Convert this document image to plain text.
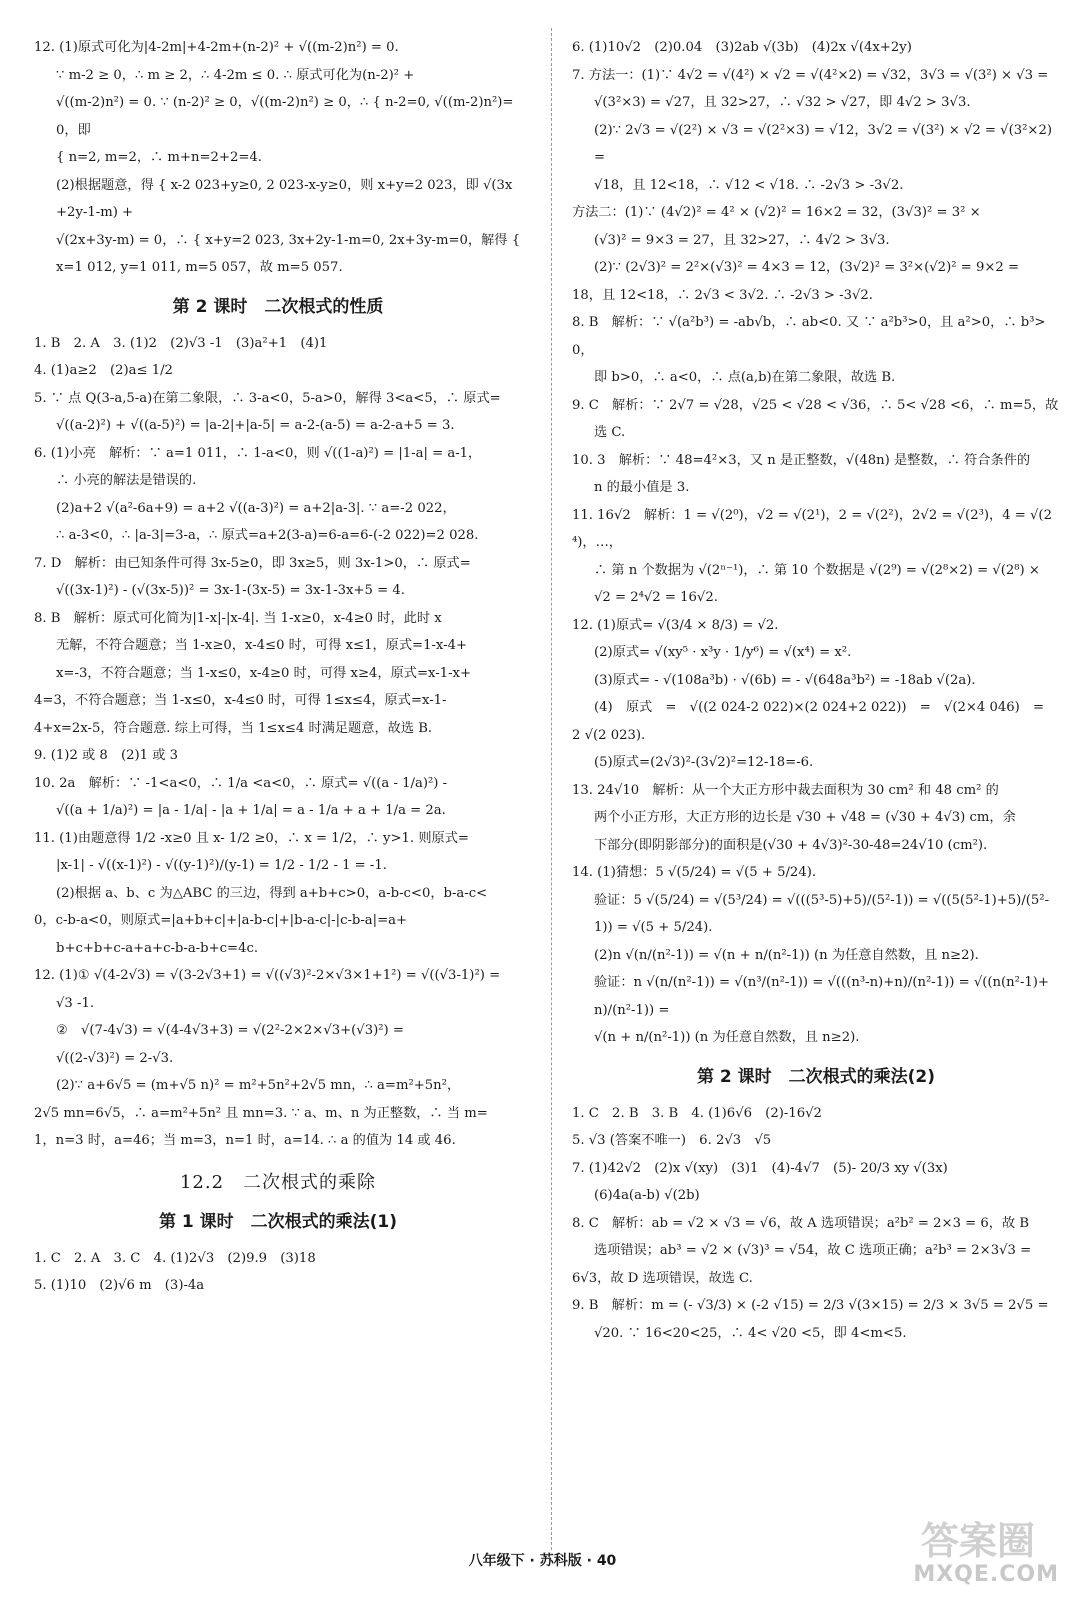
12. (1)原式可化为|4-2m|+4-2m+(n-2)² + √((m-2)n²) = 0.
∵ m-2 ≥ 0，∴ m ≥ 2，∴ 4-2m ≤ 0. ∴ 原式可化为(n-2)² +
√((m-2)n²) = 0. ∵ (n-2)² ≥ 0，√((m-2)n²) ≥ 0，∴ { n-2=0, √((m-2)n²)=0，即
{ n=2, m=2，∴ m+n=2+2=4.
(2)根据题意，得 { x-2 023+y≥0, 2 023-x-y≥0，则 x+y=2 023，即 √(3x+2y-1-m) +
√(2x+3y-m) = 0，∴ { x+y=2 023, 3x+2y-1-m=0, 2x+3y-m=0，解得 { x=1 012, y=1 011, m=5 057，故 m=5 057.
第 2 课时　二次根式的性质
1. B　2. A　3. (1)2　(2)√3 -1　(3)a²+1　(4)1
4. (1)a≥2　(2)a≤ 1/2
5. ∵ 点 Q(3-a,5-a)在第二象限，∴ 3-a<0，5-a>0，解得 3<a<5，∴ 原式=
√((a-2)²) + √((a-5)²) = |a-2|+|a-5| = a-2-(a-5) = a-2-a+5 = 3.
6. (1)小亮　解析：∵ a=1 011，∴ 1-a<0，则 √((1-a)²) = |1-a| = a-1，
∴ 小亮的解法是错误的.
(2)a+2 √(a²-6a+9) = a+2 √((a-3)²) = a+2|a-3|. ∵ a=-2 022，
∴ a-3<0，∴ |a-3|=3-a，∴ 原式=a+2(3-a)=6-a=6-(-2 022)=2 028.
7. D　解析：由已知条件可得 3x-5≥0，即 3x≥5，则 3x-1>0，∴ 原式=
√((3x-1)²) - (√(3x-5))² = 3x-1-(3x-5) = 3x-1-3x+5 = 4.
8. B　解析：原式可化简为|1-x|-|x-4|. 当 1-x≥0，x-4≥0 时，此时 x
无解，不符合题意；当 1-x≥0，x-4≤0 时，可得 x≤1，原式=1-x-4+
x=-3，不符合题意；当 1-x≤0，x-4≥0 时，可得 x≥4，原式=x-1-x+
4=3，不符合题意；当 1-x≤0，x-4≤0 时，可得 1≤x≤4，原式=x-1-
4+x=2x-5，符合题意. 综上可得，当 1≤x≤4 时满足题意，故选 B.
9. (1)2 或 8　(2)1 或 3
10. 2a　解析：∵ -1<a<0，∴ 1/a <a<0，∴ 原式= √((a - 1/a)²) -
√((a + 1/a)²) = |a - 1/a| - |a + 1/a| = a - 1/a + a + 1/a = 2a.
11. (1)由题意得 1/2 -x≥0 且 x- 1/2 ≥0，∴ x = 1/2，∴ y>1. 则原式=
|x-1| - √((x-1)²) - √((y-1)²)/(y-1) = 1/2 - 1/2 - 1 = -1.
(2)根据 a、b、c 为△ABC 的三边，得到 a+b+c>0，a-b-c<0，b-a-c<
0，c-b-a<0，则原式=|a+b+c|+|a-b-c|+|b-a-c|-|c-b-a|=a+
b+c+b+c-a+a+c-b-a-b+c=4c.
12. (1)① √(4-2√3) = √(3-2√3+1) = √((√3)²-2×√3×1+1²) = √((√3-1)²) =
√3 -1.
②　√(7-4√3) = √(4-4√3+3) = √(2²-2×2×√3+(√3)²) =
√((2-√3)²) = 2-√3.
(2)∵ a+6√5 = (m+√5 n)² = m²+5n²+2√5 mn，∴ a=m²+5n²，
2√5 mn=6√5，∴ a=m²+5n² 且 mn=3. ∵ a、m、n 为正整数，∴ 当 m=
1，n=3 时，a=46；当 m=3，n=1 时，a=14. ∴ a 的值为 14 或 46.
12.2　二次根式的乘除
第 1 课时　二次根式的乘法(1)
1. C　2. A　3. C　4. (1)2√3　(2)9.9　(3)18
5. (1)10　(2)√6 m　(3)-4a
6. (1)10√2　(2)0.04　(3)2ab √(3b)　(4)2x √(4x+2y)
7. 方法一：(1)∵ 4√2 = √(4²) × √2 = √(4²×2) = √32，3√3 = √(3²) × √3 =
√(3²×3) = √27，且 32>27，∴ √32 > √27，即 4√2 > 3√3.
(2)∵ 2√3 = √(2²) × √3 = √(2²×3) = √12，3√2 = √(3²) × √2 = √(3²×2) =
√18，且 12<18，∴ √12 < √18. ∴ -2√3 > -3√2.
方法二：(1)∵ (4√2)² = 4² × (√2)² = 16×2 = 32，(3√3)² = 3² ×
(√3)² = 9×3 = 27，且 32>27，∴ 4√2 > 3√3.
(2)∵ (2√3)² = 2²×(√3)² = 4×3 = 12，(3√2)² = 3²×(√2)² = 9×2 =
18，且 12<18，∴ 2√3 < 3√2. ∴ -2√3 > -3√2.
8. B　解析：∵ √(a²b³) = -ab√b，∴ ab<0. 又 ∵ a²b³>0，且 a²>0，∴ b³>0，
即 b>0，∴ a<0，∴ 点(a,b)在第二象限，故选 B.
9. C　解析：∵ 2√7 = √28，√25 < √28 < √36，∴ 5< √28 <6，∴ m=5，故
选 C.
10. 3　解析：∵ 48=4²×3，又 n 是正整数，√(48n) 是整数，∴ 符合条件的
n 的最小值是 3.
11. 16√2　解析：1 = √(2⁰)，√2 = √(2¹)，2 = √(2²)，2√2 = √(2³)，4 = √(2⁴)，…，
∴ 第 n 个数据为 √(2ⁿ⁻¹)，∴ 第 10 个数据是 √(2⁹) = √(2⁸×2) = √(2⁸) ×
√2 = 2⁴√2 = 16√2.
12. (1)原式= √(3/4 × 8/3) = √2.
(2)原式= √(xy⁵ · x³y · 1/y⁶) = √(x⁴) = x².
(3)原式= - √(108a³b) · √(6b) = - √(648a³b²) = -18ab √(2a).
(4)　原式　=　√((2 024-2 022)×(2 024+2 022))　=　√(2×4 046)　=
2 √(2 023).
(5)原式=(2√3)²-(3√2)²=12-18=-6.
13. 24√10　解析：从一个大正方形中裁去面积为 30 cm² 和 48 cm² 的
两个小正方形，大正方形的边长是 √30 + √48 = (√30 + 4√3) cm，余
下部分(即阴影部分)的面积是(√30 + 4√3)²-30-48=24√10 (cm²).
14. (1)猜想：5 √(5/24) = √(5 + 5/24).
验证：5 √(5/24) = √(5³/24) = √(((5³-5)+5)/(5²-1)) = √((5(5²-1)+5)/(5²-1)) = √(5 + 5/24).
(2)n √(n/(n²-1)) = √(n + n/(n²-1)) (n 为任意自然数，且 n≥2).
验证：n √(n/(n²-1)) = √(n³/(n²-1)) = √(((n³-n)+n)/(n²-1)) = √((n(n²-1)+n)/(n²-1)) =
√(n + n/(n²-1)) (n 为任意自然数，且 n≥2).
第 2 课时　二次根式的乘法(2)
1. C　2. B　3. B　4. (1)6√6　(2)-16√2
5. √3 (答案不唯一)　6. 2√3　√5
7. (1)42√2　(2)x √(xy)　(3)1　(4)-4√7　(5)- 20/3 xy √(3x)
(6)4a(a-b) √(2b)
8. C　解析：ab = √2 × √3 = √6，故 A 选项错误；a²b² = 2×3 = 6，故 B
选项错误；ab³ = √2 × (√3)³ = √54，故 C 选项正确；a²b³ = 2×3√3 =
6√3，故 D 选项错误，故选 C.
9. B　解析：m = (- √3/3) × (-2 √15) = 2/3 √(3×15) = 2/3 × 3√5 = 2√5 =
√20. ∵ 16<20<25，∴ 4< √20 <5，即 4<m<5.
答案圈
MXQE.COM
八年级下 · 苏科版 · 40
